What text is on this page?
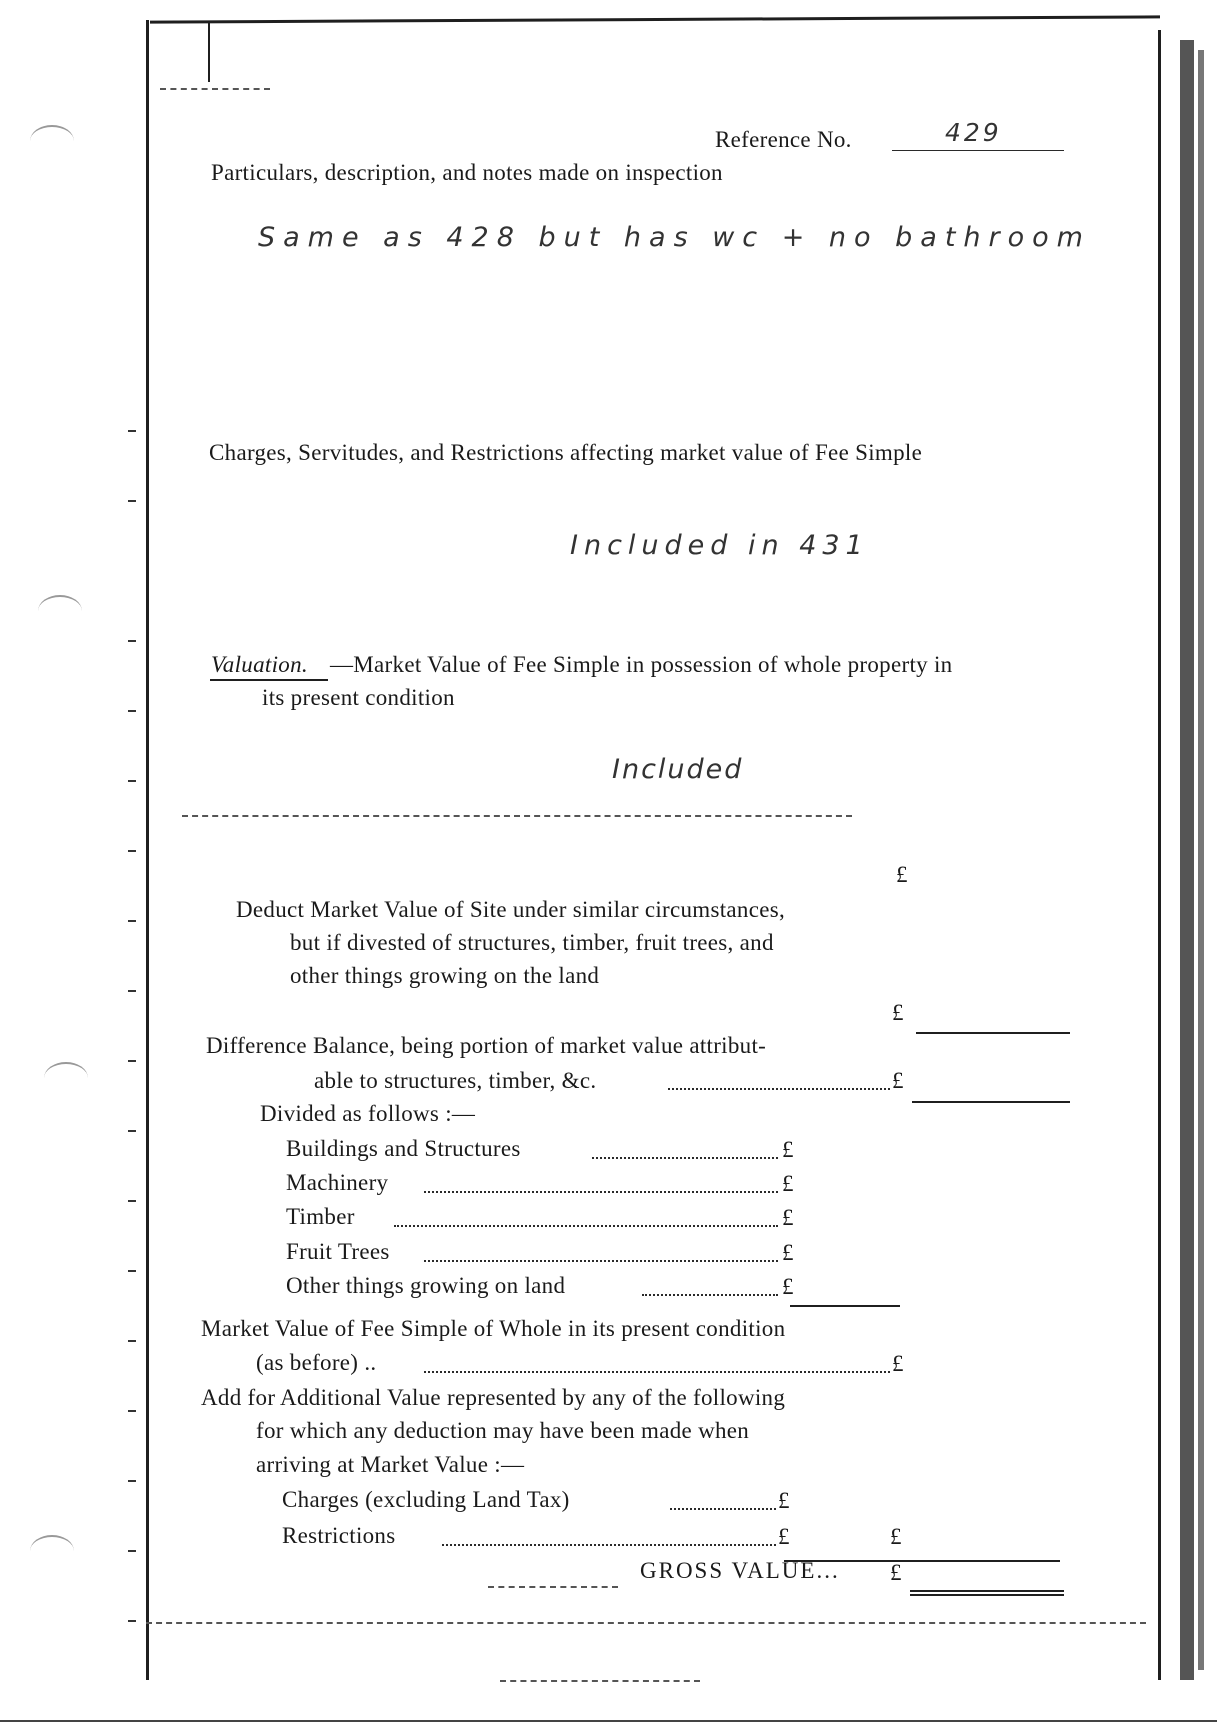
Reference No.	429
Particulars, description, and notes made on inspection
Same as 428 but has wc + no bathroom
Charges, Servitudes, and Restrictions affecting market value of Fee Simple
Included in 431
Valuation. —Market Value of Fee Simple in possession of whole property in
its present condition
Included
£
Deduct Market Value of Site under similar circumstances,
but if divested of structures, timber, fruit trees, and
other things growing on the land
£
Difference Balance, being portion of market value attribut-
able to structures, timber, &c.	£
Divided as follows :—
Buildings and Structures	£
Machinery	£
Timber	£
Fruit Trees	£
Other things growing on land	£
Market Value of Fee Simple of Whole in its present condition
(as before) ..	£
Add for Additional Value represented by any of the following
for which any deduction may have been made when
arriving at Market Value :—
Charges (excluding Land Tax)	£
Restrictions	£	£
GROSS VALUE... £
